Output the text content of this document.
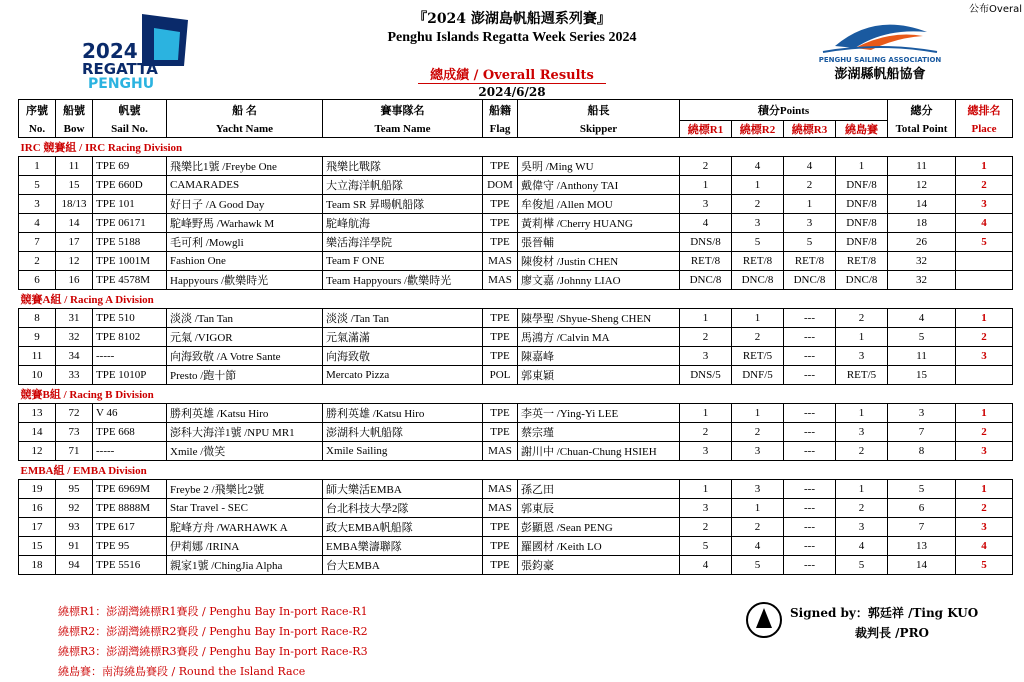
公布Overal
2024
REGATTA
PENGHU
PENGHU SAILING ASSOCIATION
澎湖縣帆船協會
『2024 澎湖島帆船週系列賽』
Penghu Islands Regatta Week Series 2024
總成績 / Overall Results
2024/6/28
序號	船號	帆號	船 名	賽事隊名	船籍	船長	積分Points				總分	總排名
No.	Bow	Sail No.	Yacht Name	Team Name	Flag	Skipper	繞標R1	繞標R2	繞標R3	繞島賽	Total Point	Place
IRC 競賽組 / IRC Racing Division												
1	11	TPE 69	飛樂比1號 /Freybe One	飛樂比戰隊	TPE	吳明 /Ming WU	2	4	4	1	11	1
5	15	TPE 660D	CAMARADES	大立海洋帆船隊	DOM	戴偉守 /Anthony TAI	1	1	2	DNF/8	12	2
3	18/13	TPE 101	好日子 /A Good Day	Team SR 昇暘帆船隊	TPE	牟俊旭 /Allen MOU	3	2	1	DNF/8	14	3
4	14	TPE 06171	駝峰野馬 /Warhawk M	駝峰航海	TPE	黃莉樺 /Cherry HUANG	4	3	3	DNF/8	18	4
7	17	TPE 5188	毛可利 /Mowgli	樂活海洋學院	TPE	張晉輔	DNS/8	5	5	DNF/8	26	5
2	12	TPE 1001M	Fashion One	Team F ONE	MAS	陳俊材 /Justin CHEN	RET/8	RET/8	RET/8	RET/8	32	
6	16	TPE 4578M	Happyours /歡樂時光	Team Happyours /歡樂時光	MAS	廖文嘉 /Johnny LIAO	DNC/8	DNC/8	DNC/8	DNC/8	32	
競賽A組 / Racing A Division												
8	31	TPE 510	淡淡 /Tan Tan	淡淡 /Tan Tan	TPE	陳學聖 /Shyue-Sheng CHEN	1	1	---	2	4	1
9	32	TPE 8102	元氣 /VIGOR	元氣滿滿	TPE	馬鴻方 /Calvin MA	2	2	---	1	5	2
11	34	-----	向海致敬 /A Votre Sante	向海致敬	TPE	陳嘉峰	3	RET/5	---	3	11	3
10	33	TPE 1010P	Presto /跑十節	Mercato Pizza	POL	郭東穎	DNS/5	DNF/5	---	RET/5	15	
競賽B組 / Racing B Division												
13	72	V 46	勝利英雄 /Katsu Hiro	勝利英雄 /Katsu Hiro	TPE	李英一 /Ying-Yi LEE	1	1	---	1	3	1
14	73	TPE 668	澎科大海洋1號 /NPU MR1	澎湖科大帆船隊	TPE	蔡宗瑾	2	2	---	3	7	2
12	71	-----	Xmile /微笑	Xmile Sailing	MAS	謝川中 /Chuan-Chung HSIEH	3	3	---	2	8	3
EMBA組 / EMBA Division												
19	95	TPE 6969M	Freybe 2 /飛樂比2號	師大樂活EMBA	MAS	孫乙田	1	3	---	1	5	1
16	92	TPE 8888M	Star Travel - SEC	台北科技大學2隊	MAS	郭東辰	3	1	---	2	6	2
17	93	TPE 617	駝峰方舟 /WARHAWK A	政大EMBA帆船隊	TPE	彭顯恩 /Sean PENG	2	2	---	3	7	3
15	91	TPE 95	伊莉娜 /IRINA	EMBA樂濤聯隊	TPE	羅國材 /Keith LO	5	4	---	4	13	4
18	94	TPE 5516	親家1號 /ChingJia Alpha	台大EMBA	TPE	張鈞豪	4	5	---	5	14	5
繞標R1：澎湖灣繞標R1賽段 / Penghu Bay In-port Race-R1
繞標R2：澎湖灣繞標R2賽段 / Penghu Bay In-port Race-R2
繞標R3：澎湖灣繞標R3賽段 / Penghu Bay In-port Race-R3
繞島賽：南海繞島賽段 / Round the Island Race
Signed by：郭廷祥 /Ting KUO
裁判長 /PRO
